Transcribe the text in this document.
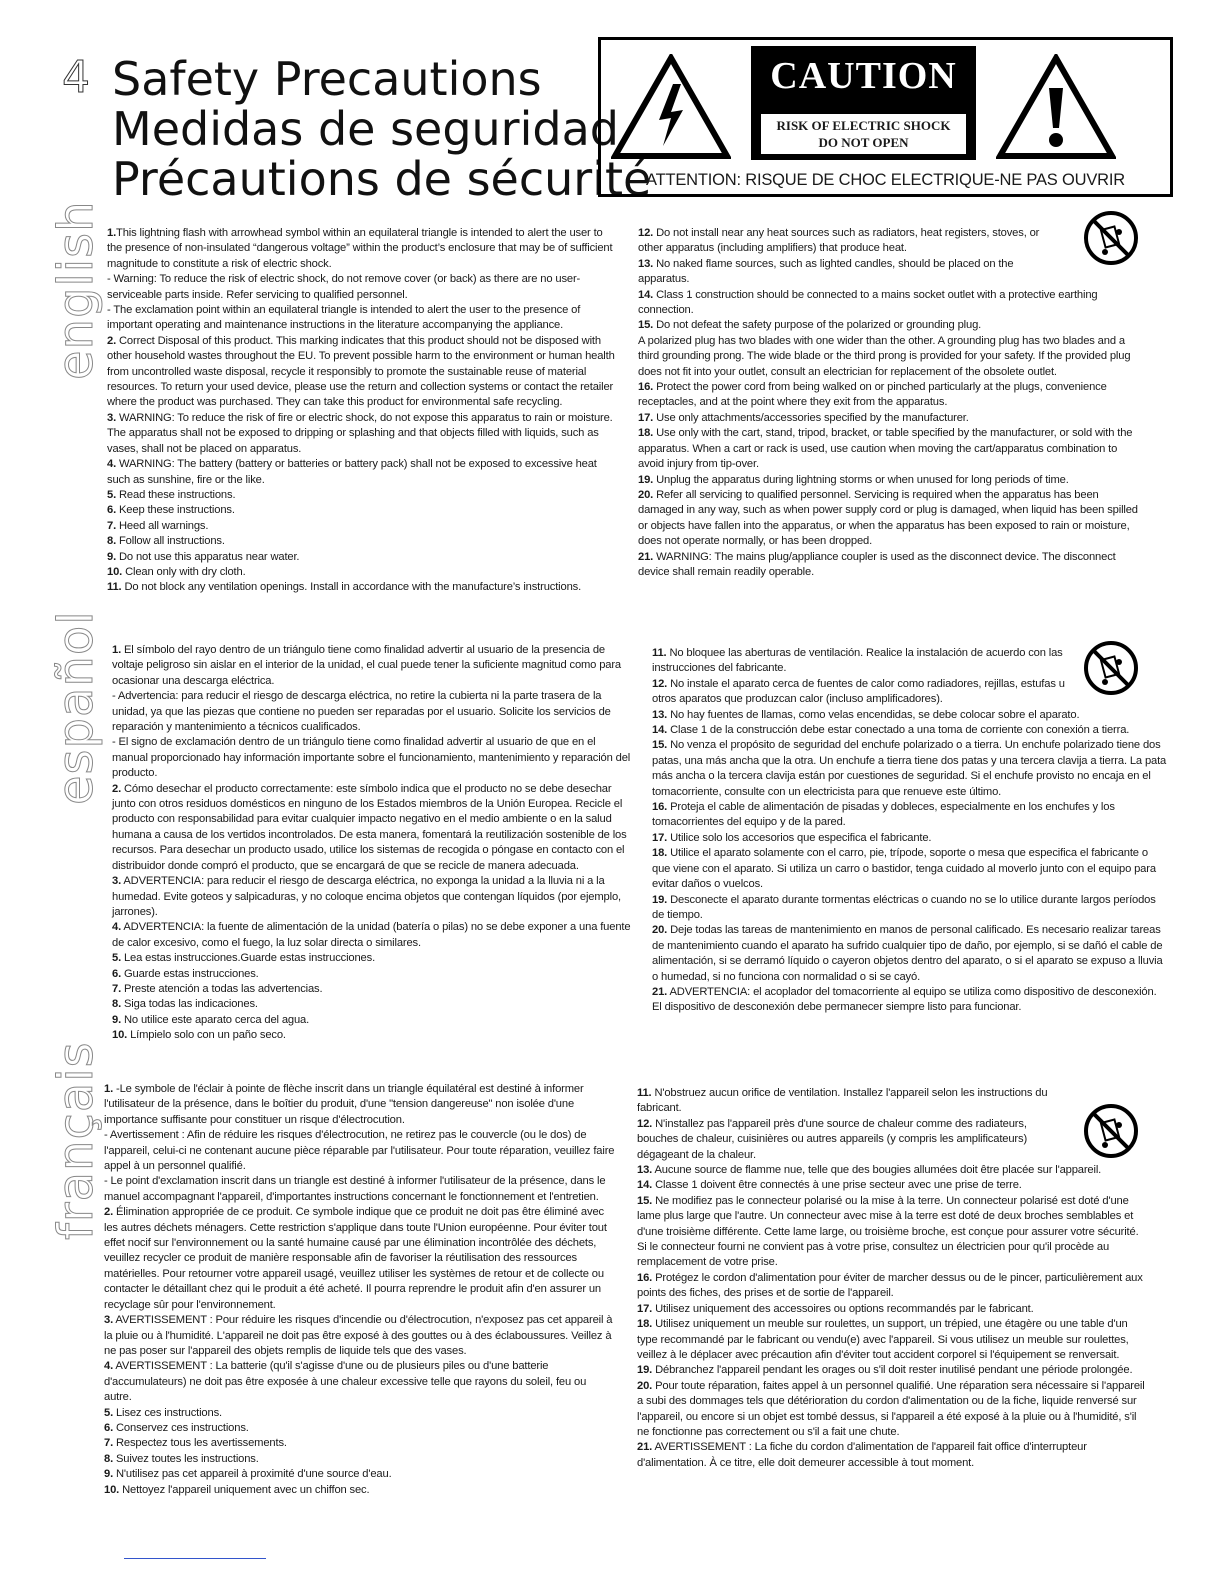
4 Safety Precautions
Medidas de seguridad
Précautions de sécurité
CAUTION
RISK OF ELECTRIC SHOCK
DO NOT OPEN
ATTENTION: RISQUE DE CHOC ELECTRIQUE-NE PAS OUVRIR
english
español
français

1.This lightning flash with arrowhead symbol within an equilateral triangle is intended to alert the user to the presence of non-insulated “dangerous voltage” within the product’s enclosure that may be of sufficient magnitude to constitute a risk of electric shock.

- Warning: To reduce the risk of electric shock, do not remove cover (or back) as there are no user-serviceable parts inside. Refer servicing to qualified personnel.

- The exclamation point within an equilateral triangle is intended to alert the user to the presence of important operating and maintenance instructions in the literature accompanying the appliance.

2. Correct Disposal of this product. This marking indicates that this product should not be disposed with other household wastes throughout the EU. To prevent possible harm to the environment or human health from uncontrolled waste disposal, recycle it responsibly to promote the sustainable reuse of material resources. To return your used device, please use the return and collection systems or contact the retailer where the product was purchased. They can take this product for environmental safe recycling.

3. WARNING: To reduce the risk of fire or electric shock, do not expose this apparatus to rain or moisture. The apparatus shall not be exposed to dripping or splashing and that objects filled with liquids, such as vases, shall not be placed on apparatus.

4. WARNING: The battery (battery or batteries or battery pack) shall not be exposed to excessive heat such as sunshine, fire or the like.

5. Read these instructions.

6. Keep these instructions.

7. Heed all warnings.

8. Follow all instructions.

9. Do not use this apparatus near water.

10. Clean only with dry cloth.

11. Do not block any ventilation openings. Install in accordance with the manufacture’s instructions.

12. Do not install near any heat sources such as radiators, heat registers, stoves, or other apparatus (including amplifiers) that produce heat.

13. No naked flame sources, such as lighted candles, should be placed on the apparatus.

14. Class 1 construction should be connected to a mains socket outlet with a protective earthing connection.

15. Do not defeat the safety purpose of the polarized or grounding plug.

A polarized plug has two blades with one wider than the other. A grounding plug has two blades and a third grounding prong. The wide blade or the third prong is provided for your safety. If the provided plug does not fit into your outlet, consult an electrician for replacement of the obsolete outlet.

16. Protect the power cord from being walked on or pinched particularly at the plugs, convenience receptacles, and at the point where they exit from the apparatus.

17. Use only attachments/accessories specified by the manufacturer.

18. Use only with the cart, stand, tripod, bracket, or table specified by the manufacturer, or sold with the apparatus. When a cart or rack is used, use caution when moving the cart/apparatus combination to avoid injury from tip-over.

19. Unplug the apparatus during lightning storms or when unused for long periods of time.

20. Refer all servicing to qualified personnel. Servicing is required when the apparatus has been damaged in any way, such as when power supply cord or plug is damaged, when liquid has been spilled or objects have fallen into the apparatus, or when the apparatus has been exposed to rain or moisture, does not operate normally, or has been dropped.

21. WARNING: The mains plug/appliance coupler is used as the disconnect device. The disconnect device shall remain readily operable.

1. El símbolo del rayo dentro de un triángulo tiene como finalidad advertir al usuario de la presencia de voltaje peligroso sin aislar en el interior de la unidad, el cual puede tener la suficiente magnitud como para ocasionar una descarga eléctrica.

- Advertencia: para reducir el riesgo de descarga eléctrica, no retire la cubierta ni la parte trasera de la unidad, ya que las piezas que contiene no pueden ser reparadas por el usuario. Solicite los servicios de reparación y mantenimiento a técnicos cualificados.

- El signo de exclamación dentro de un triángulo tiene como finalidad advertir al usuario de que en el manual proporcionado hay información importante sobre el funcionamiento, mantenimiento y reparación del producto.

2. Cómo desechar el producto correctamente: este símbolo indica que el producto no se debe desechar junto con otros residuos domésticos en ninguno de los Estados miembros de la Unión Europea. Recicle el producto con responsabilidad para evitar cualquier impacto negativo en el medio ambiente o en la salud humana a causa de los vertidos incontrolados. De esta manera, fomentará la reutilización sostenible de los recursos. Para desechar un producto usado, utilice los sistemas de recogida o póngase en contacto con el distribuidor donde compró el producto, que se encargará de que se recicle de manera adecuada.

3. ADVERTENCIA: para reducir el riesgo de descarga eléctrica, no exponga la unidad a la lluvia ni a la humedad. Evite goteos y salpicaduras, y no coloque encima objetos que contengan líquidos (por ejemplo, jarrones).

4. ADVERTENCIA: la fuente de alimentación de la unidad (batería o pilas) no se debe exponer a una fuente de calor excesivo, como el fuego, la luz solar directa o similares.

5. Lea estas instrucciones.Guarde estas instrucciones.

6. Guarde estas instrucciones.

7. Preste atención a todas las advertencias.

8. Siga todas las indicaciones.

9. No utilice este aparato cerca del agua.

10. Límpielo solo con un paño seco.

11. No bloquee las aberturas de ventilación. Realice la instalación de acuerdo con las instrucciones del fabricante.

12. No instale el aparato cerca de fuentes de calor como radiadores, rejillas, estufas u otros aparatos que produzcan calor (incluso amplificadores).

13. No hay fuentes de llamas, como velas encendidas, se debe colocar sobre el aparato.

14. Clase 1 de la construcción debe estar conectado a una toma de corriente con conexión a tierra.

15. No venza el propósito de seguridad del enchufe polarizado o a tierra. Un enchufe polarizado tiene dos patas, una más ancha que la otra. Un enchufe a tierra tiene dos patas y una tercera clavija a tierra. La pata más ancha o la tercera clavija están por cuestiones de seguridad. Si el enchufe provisto no encaja en el tomacorriente, consulte con un electricista para que renueve este último.

16. Proteja el cable de alimentación de pisadas y dobleces, especialmente en los enchufes y los tomacorrientes del equipo y de la pared.

17. Utilice solo los accesorios que especifica el fabricante.

18. Utilice el aparato solamente con el carro, pie, trípode, soporte o mesa que especifica el fabricante o que viene con el aparato. Si utiliza un carro o bastidor, tenga cuidado al moverlo junto con el equipo para evitar daños o vuelcos.

19. Desconecte el aparato durante tormentas eléctricas o cuando no se lo utilice durante largos períodos de tiempo.

20. Deje todas las tareas de mantenimiento en manos de personal calificado. Es necesario realizar tareas de mantenimiento cuando el aparato ha sufrido cualquier tipo de daño, por ejemplo, si se dañó el cable de alimentación, si se derramó líquido o cayeron objetos dentro del aparato, o si el aparato se expuso a lluvia o humedad, si no funciona con normalidad o si se cayó.

21. ADVERTENCIA: el acoplador del tomacorriente al equipo se utiliza como dispositivo de desconexión. El dispositivo de desconexión debe permanecer siempre listo para funcionar.

1. -Le symbole de l'éclair à pointe de flèche inscrit dans un triangle équilatéral est destiné à informer l'utilisateur de la présence, dans le boîtier du produit, d'une "tension dangereuse" non isolée d'une importance suffisante pour constituer un risque d'électrocution.

- Avertissement : Afin de réduire les risques d'électrocution, ne retirez pas le couvercle (ou le dos) de l'appareil, celui-ci ne contenant aucune pièce réparable par l'utilisateur. Pour toute réparation, veuillez faire appel à un personnel qualifié.

- Le point d'exclamation inscrit dans un triangle est destiné à informer l'utilisateur de la présence, dans le manuel accompagnant l'appareil, d'importantes instructions concernant le fonctionnement et l'entretien.

2. Élimination appropriée de ce produit. Ce symbole indique que ce produit ne doit pas être éliminé avec les autres déchets ménagers. Cette restriction s'applique dans toute l'Union européenne. Pour éviter tout effet nocif sur l'environnement ou la santé humaine causé par une élimination incontrôlée des déchets, veuillez recycler ce produit de manière responsable afin de favoriser la réutilisation des ressources matérielles. Pour retourner votre appareil usagé, veuillez utiliser les systèmes de retour et de collecte ou contacter le détaillant chez qui le produit a été acheté. Il pourra reprendre le produit afin d'en assurer un recyclage sûr pour l'environnement.

3. AVERTISSEMENT : Pour réduire les risques d'incendie ou d'électrocution, n'exposez pas cet appareil à la pluie ou à l'humidité. L'appareil ne doit pas être exposé à des gouttes ou à des éclaboussures. Veillez à ne pas poser sur l'appareil des objets remplis de liquide tels que des vases.

4. AVERTISSEMENT : La batterie (qu'il s'agisse d'une ou de plusieurs piles ou d'une batterie d'accumulateurs) ne doit pas être exposée à une chaleur excessive telle que rayons du soleil, feu ou autre.

5. Lisez ces instructions.

6. Conservez ces instructions.

7. Respectez tous les avertissements.

8. Suivez toutes les instructions.

9. N'utilisez pas cet appareil à proximité d'une source d'eau.

10. Nettoyez l'appareil uniquement avec un chiffon sec.

11. N'obstruez aucun orifice de ventilation. Installez l'appareil selon les instructions du fabricant.

12. N'installez pas l'appareil près d'une source de chaleur comme des radiateurs, bouches de chaleur, cuisinières ou autres appareils (y compris les amplificateurs) dégageant de la chaleur.

13. Aucune source de flamme nue, telle que des bougies allumées doit être placée sur l'appareil.

14. Classe 1 doivent être connectés à une prise secteur avec une prise de terre.

15. Ne modifiez pas le connecteur polarisé ou la mise à la terre. Un connecteur polarisé est doté d'une lame plus large que l'autre. Un connecteur avec mise à la terre est doté de deux broches semblables et d'une troisième différente. Cette lame large, ou troisième broche, est conçue pour assurer votre sécurité. Si le connecteur fourni ne convient pas à votre prise, consultez un électricien pour qu'il procède au remplacement de votre prise.

16. Protégez le cordon d'alimentation pour éviter de marcher dessus ou de le pincer, particulièrement aux points des fiches, des prises et de sortie de l'appareil.

17. Utilisez uniquement des accessoires ou options recommandés par le fabricant.

18. Utilisez uniquement un meuble sur roulettes, un support, un trépied, une étagère ou une table d'un type recommandé par le fabricant ou vendu(e) avec l'appareil. Si vous utilisez un meuble sur roulettes, veillez à le déplacer avec précaution afin d'éviter tout accident corporel si l'équipement se renversait.

19. Débranchez l'appareil pendant les orages ou s'il doit rester inutilisé pendant une période prolongée.

20. Pour toute réparation, faites appel à un personnel qualifié. Une réparation sera nécessaire si l'appareil a subi des dommages tels que détérioration du cordon d'alimentation ou de la fiche, liquide renversé sur l'appareil, ou encore si un objet est tombé dessus, si l'appareil a été exposé à la pluie ou à l'humidité, s'il ne fonctionne pas correctement ou s'il a fait une chute.

21. AVERTISSEMENT : La fiche du cordon d'alimentation de l'appareil fait office d'interrupteur d'alimentation. À ce titre, elle doit demeurer accessible à tout moment.
